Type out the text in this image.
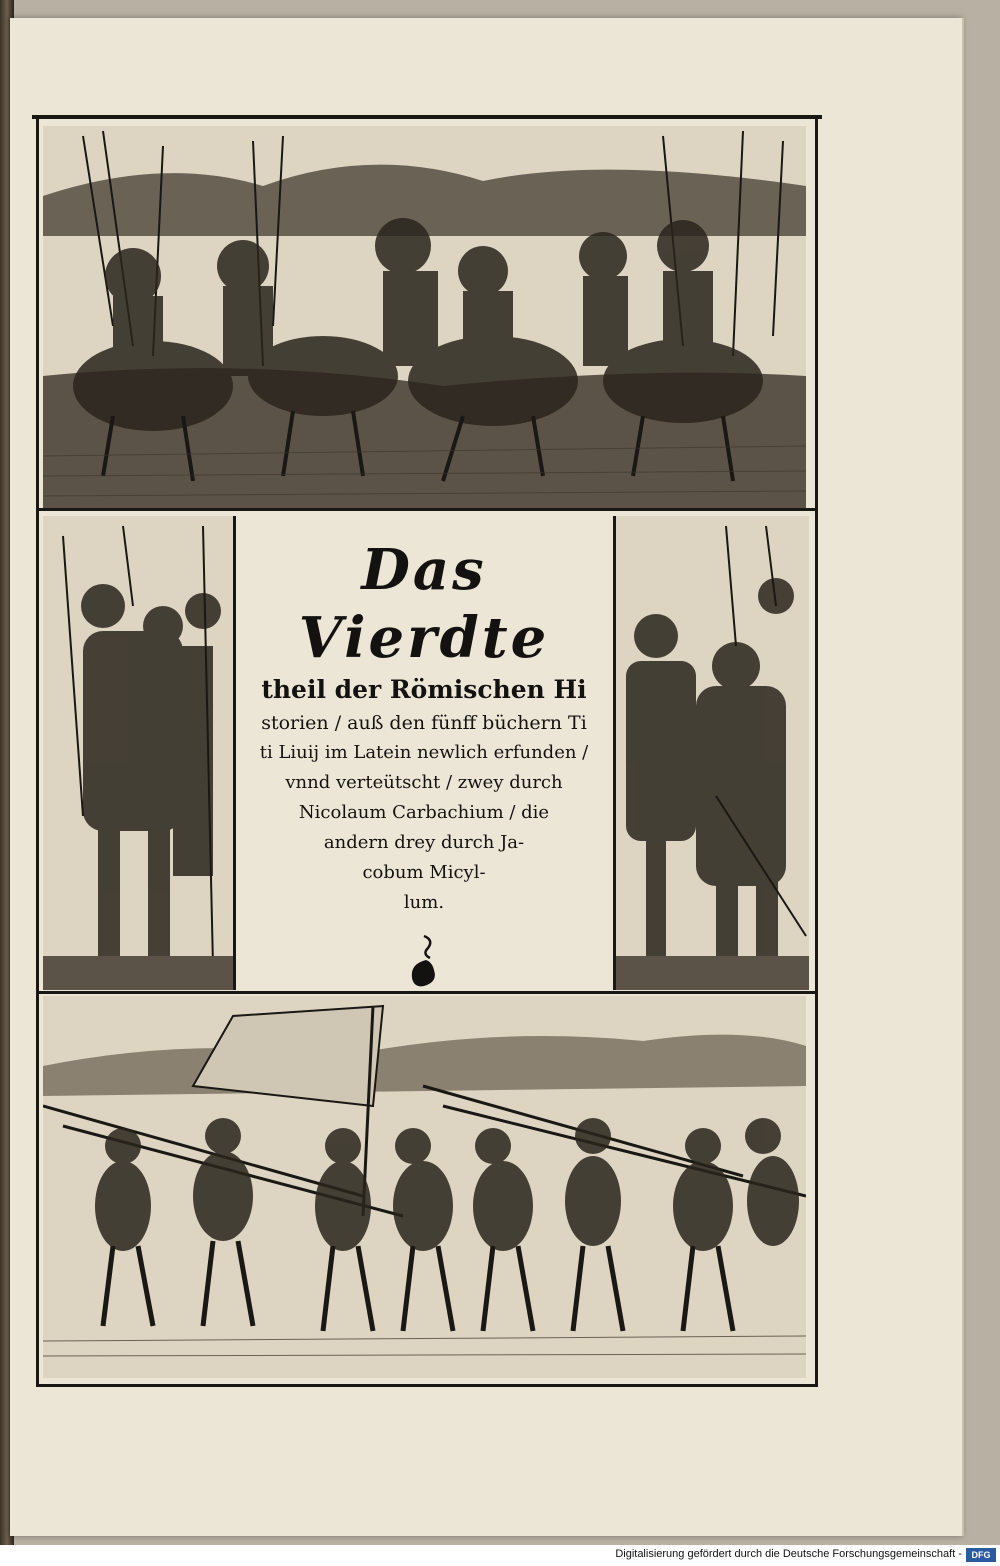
Das Vierdte
theil der Römischen Hi
storien / auß den fünff büchern Ti
ti Liuij im Latein newlich erfunden /
vnnd verteütscht / zwey durch
Nicolaum Carbachium / die
andern drey durch Ja-
cobum Micyl-
lum.
Digitalisierung gefördert durch die Deutsche Forschungsgemeinschaft -	DFG
